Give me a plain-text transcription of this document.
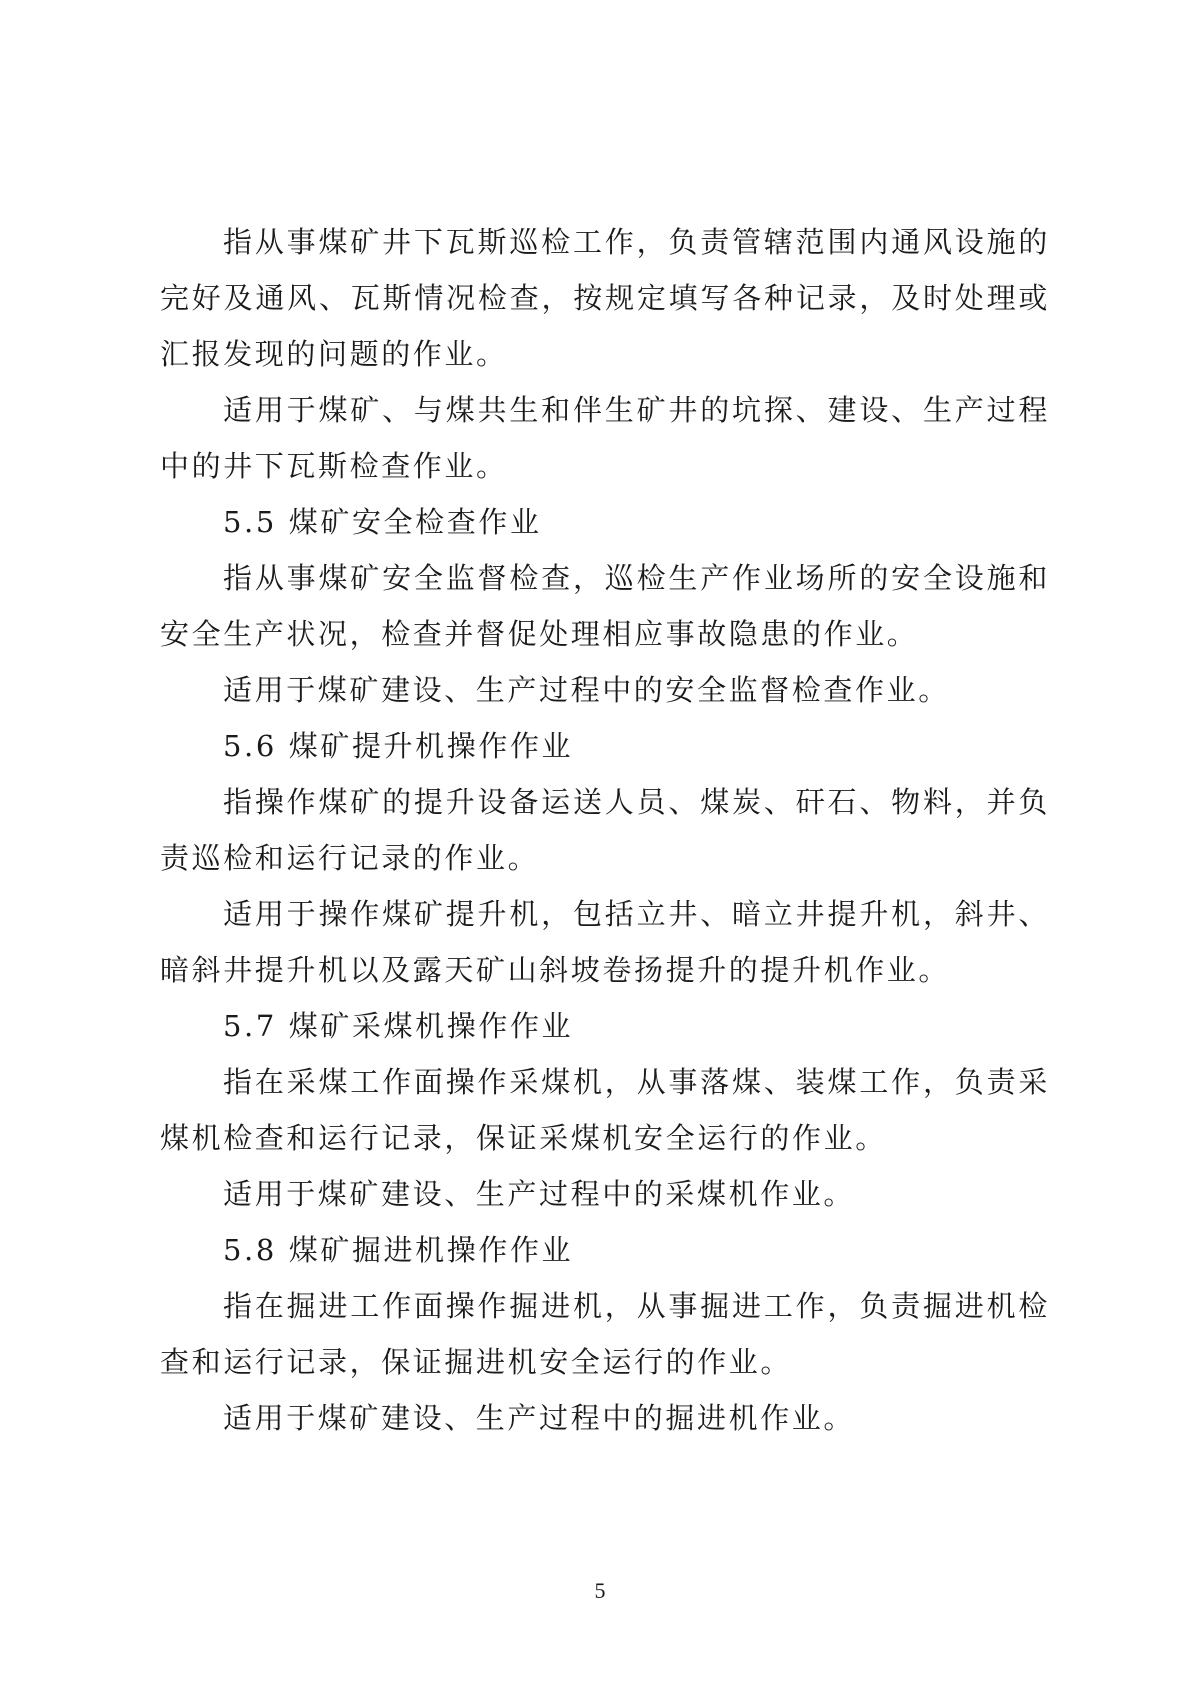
指从事煤矿井下瓦斯巡检工作，负责管辖范围内通风设施的完好及通风、瓦斯情况检查，按规定填写各种记录，及时处理或汇报发现的问题的作业。

适用于煤矿、与煤共生和伴生矿井的坑探、建设、生产过程中的井下瓦斯检查作业。

5.5 煤矿安全检查作业

指从事煤矿安全监督检查，巡检生产作业场所的安全设施和安全生产状况，检查并督促处理相应事故隐患的作业。

适用于煤矿建设、生产过程中的安全监督检查作业。

5.6 煤矿提升机操作作业

指操作煤矿的提升设备运送人员、煤炭、矸石、物料，并负责巡检和运行记录的作业。

适用于操作煤矿提升机，包括立井、暗立井提升机，斜井、暗斜井提升机以及露天矿山斜坡卷扬提升的提升机作业。

5.7 煤矿采煤机操作作业

指在采煤工作面操作采煤机，从事落煤、装煤工作，负责采煤机检查和运行记录，保证采煤机安全运行的作业。

适用于煤矿建设、生产过程中的采煤机作业。

5.8 煤矿掘进机操作作业

指在掘进工作面操作掘进机，从事掘进工作，负责掘进机检查和运行记录，保证掘进机安全运行的作业。

适用于煤矿建设、生产过程中的掘进机作业。

5
